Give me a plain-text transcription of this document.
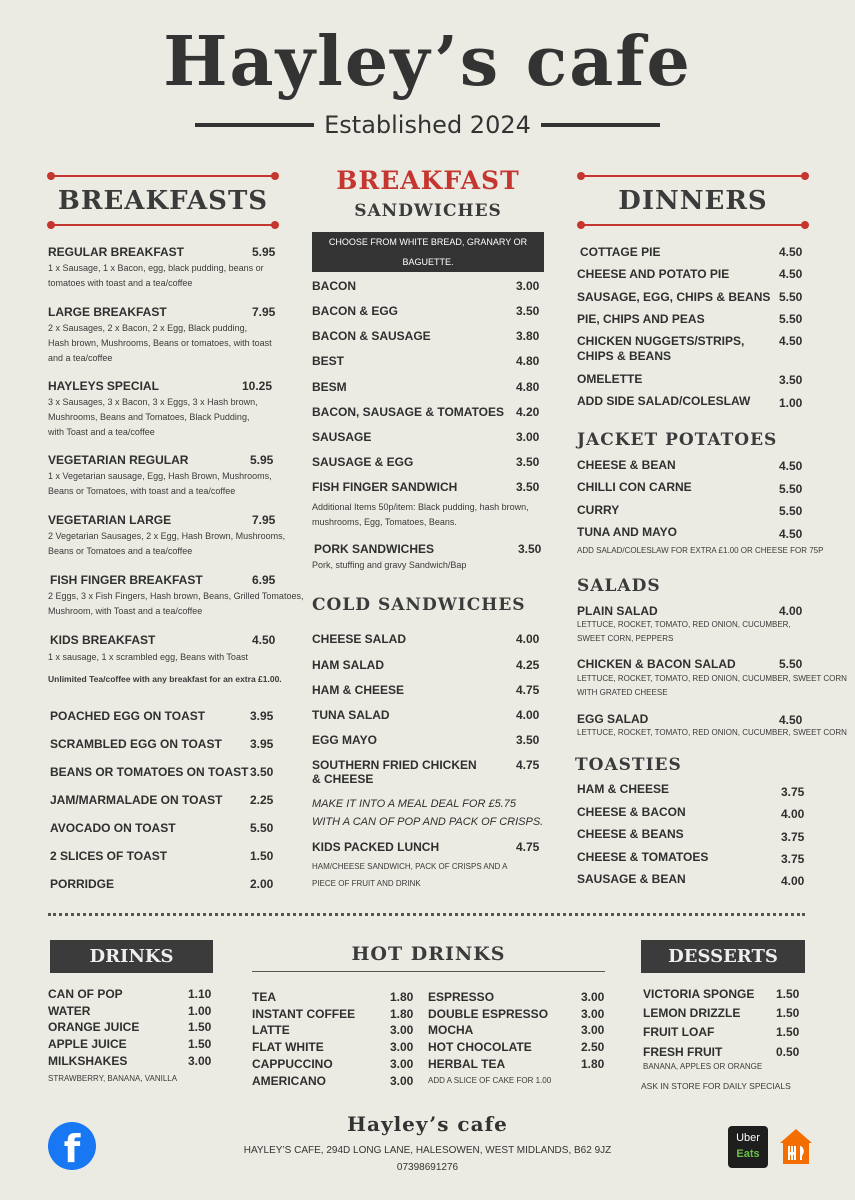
Hayley’s cafe
Established 2024
BREAKFASTS
REGULAR BREAKFAST	5.95
1 x Sausage, 1 x Bacon, egg, black pudding, beans or
tomatoes with toast and a tea/coffee
LARGE BREAKFAST	7.95
2 x Sausages, 2 x Bacon, 2 x Egg, Black pudding,
Hash brown, Mushrooms, Beans or tomatoes, with toast
and a tea/coffee
HAYLEYS SPECIAL	10.25
3 x Sausages, 3 x Bacon, 3 x Eggs, 3 x Hash brown,
Mushrooms, Beans and Tomatoes, Black Pudding,
with Toast and a tea/coffee
VEGETARIAN REGULAR	5.95
1 x Vegetarian sausage, Egg, Hash Brown, Mushrooms,
Beans or Tomatoes, with toast and a tea/coffee
VEGETARIAN LARGE	7.95
2 Vegetarian Sausages, 2 x Egg, Hash Brown, Mushrooms,
Beans or Tomatoes and a tea/coffee
FISH FINGER BREAKFAST	6.95
2 Eggs, 3 x Fish Fingers, Hash brown, Beans, Grilled Tomatoes,
Mushroom, with Toast and a tea/coffee
KIDS BREAKFAST	4.50
1 x sausage, 1 x scrambled egg, Beans with Toast
Unlimited Tea/coffee with any breakfast for an extra £1.00.
POACHED EGG ON TOAST	3.95
SCRAMBLED EGG ON TOAST 3.95
BEANS OR TOMATOES ON TOAST 3.50
JAM/MARMALADE ON TOAST 2.25
AVOCADO ON TOAST	5.50
2 SLICES OF TOAST	1.50
PORRIDGE	2.00
BREAKFAST
SANDWICHES
CHOOSE FROM WHITE BREAD, GRANARY OR BAGUETTE.
BACON	3.00
BACON & EGG	3.50
BACON & SAUSAGE	3.80
BEST	4.80
BESM	4.80
BACON, SAUSAGE & TOMATOES 4.20
SAUSAGE	3.00
SAUSAGE & EGG	3.50
FISH FINGER SANDWICH	3.50
Additional Items 50p/item: Black pudding, hash brown,
mushrooms, Egg, Tomatoes, Beans.
PORK SANDWICHES	3.50
Pork, stuffing and gravy Sandwich/Bap
COLD SANDWICHES
CHEESE SALAD	4.00
HAM SALAD	4.25
HAM & CHEESE	4.75
TUNA SALAD	4.00
EGG MAYO	3.50
SOUTHERN FRIED CHICKEN
& CHEESE
4.75
MAKE IT INTO A MEAL DEAL FOR £5.75
WITH A CAN OF POP AND PACK OF CRISPS.
KIDS PACKED LUNCH	4.75
HAM/CHEESE SANDWICH, PACK OF CRISPS AND A
PIECE OF FRUIT AND DRINK
DINNERS
COTTAGE PIE	4.50
CHEESE AND POTATO PIE	4.50
SAUSAGE, EGG, CHIPS & BEANS 5.50
PIE, CHIPS AND PEAS	5.50
CHICKEN NUGGETS/STRIPS,
CHIPS & BEANS
4.50
OMELETTE	3.50
ADD SIDE SALAD/COLESLAW 1.00
JACKET POTATOES
CHEESE & BEAN	4.50
CHILLI CON CARNE	5.50
CURRY	5.50
TUNA AND MAYO	4.50
ADD SALAD/COLESLAW FOR EXTRA £1.00 OR CHEESE FOR 75P
SALADS
PLAIN SALAD	4.00
LETTUCE, ROCKET, TOMATO, RED ONION, CUCUMBER,
SWEET CORN, PEPPERS
CHICKEN & BACON SALAD	5.50
LETTUCE, ROCKET, TOMATO, RED ONION, CUCUMBER, SWEET CORN
WITH GRATED CHEESE
EGG SALAD	4.50
LETTUCE, ROCKET, TOMATO, RED ONION, CUCUMBER, SWEET CORN
TOASTIES
HAM & CHEESE	3.75
CHEESE & BACON	4.00
CHEESE & BEANS	3.75
CHEESE & TOMATOES	3.75
SAUSAGE & BEAN	4.00
DRINKS
CAN OF POP	1.10
WATER	1.00
ORANGE JUICE	1.50
APPLE JUICE	1.50
MILKSHAKES	3.00
STRAWBERRY, BANANA, VANILLA
HOT DRINKS
TEA	1.80
INSTANT COFFEE	1.80
LATTE	3.00
FLAT WHITE	3.00
CAPPUCCINO	3.00
AMERICANO	3.00
ESPRESSO	3.00
DOUBLE ESPRESSO	3.00
MOCHA	3.00
HOT CHOCOLATE	2.50
HERBAL TEA	1.80
ADD A SLICE OF CAKE FOR 1.00
DESSERTS
VICTORIA SPONGE 1.50
LEMON DRIZZLE	1.50
FRUIT LOAF	1.50
FRESH FRUIT	0.50
BANANA, APPLES OR ORANGE
ASK IN STORE FOR DAILY SPECIALS
Hayley’s cafe
HAYLEY’S CAFE, 294D LONG LANE, HALESOWEN, WEST MIDLANDS, B62 9JZ
07398691276
f	Uber
Eats
